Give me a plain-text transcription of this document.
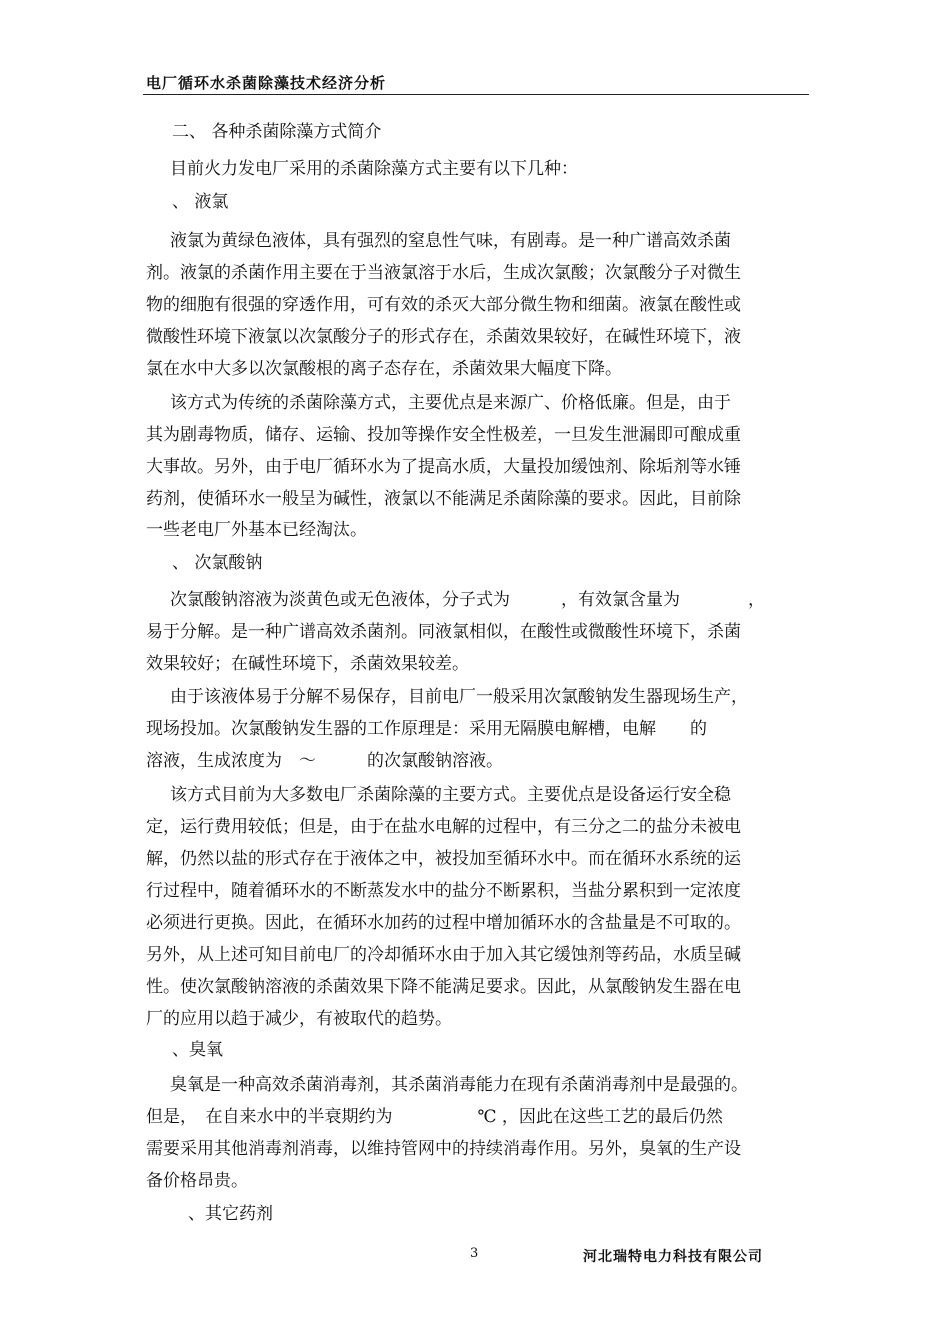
电厂循环水杀菌除藻技术经济分析
二、 各种杀菌除藻方式简介
目前火力发电厂采用的杀菌除藻方式主要有以下几种：
、 液氯
液氯为黄绿色液体，具有强烈的窒息性气味，有剧毒。是一种广谱高效杀菌
剂。液氯的杀菌作用主要在于当液氯溶于水后，生成次氯酸；次氯酸分子对微生
物的细胞有很强的穿透作用，可有效的杀灭大部分微生物和细菌。液氯在酸性或
微酸性环境下液氯以次氯酸分子的形式存在，杀菌效果较好，在碱性环境下，液
氯在水中大多以次氯酸根的离子态存在，杀菌效果大幅度下降。
该方式为传统的杀菌除藻方式，主要优点是来源广、价格低廉。但是，由于
其为剧毒物质，储存、运输、投加等操作安全性极差，一旦发生泄漏即可酿成重
大事故。另外，由于电厂循环水为了提高水质，大量投加缓蚀剂、除垢剂等水锤
药剂，使循环水一般呈为碱性，液氯以不能满足杀菌除藻的要求。因此，目前除
一些老电厂外基本已经淘汰。
、 次氯酸钠
次氯酸钠溶液为淡黄色或无色液体，分子式为　　　，有效氯含量为　　　　，
易于分解。是一种广谱高效杀菌剂。同液氯相似，在酸性或微酸性环境下，杀菌
效果较好；在碱性环境下，杀菌效果较差。
由于该液体易于分解不易保存，目前电厂一般采用次氯酸钠发生器现场生产，
现场投加。次氯酸钠发生器的工作原理是：采用无隔膜电解槽，电解　　的
溶液，生成浓度为　～　　　的次氯酸钠溶液。
该方式目前为大多数电厂杀菌除藻的主要方式。主要优点是设备运行安全稳
定，运行费用较低；但是，由于在盐水电解的过程中，有三分之二的盐分未被电
解，仍然以盐的形式存在于液体之中，被投加至循环水中。而在循环水系统的运
行过程中，随着循环水的不断蒸发水中的盐分不断累积，当盐分累积到一定浓度
必须进行更换。因此，在循环水加药的过程中增加循环水的含盐量是不可取的。
另外，从上述可知目前电厂的冷却循环水由于加入其它缓蚀剂等药品，水质呈碱
性。使次氯酸钠溶液的杀菌效果下降不能满足要求。因此，从氯酸钠发生器在电
厂的应用以趋于减少，有被取代的趋势。
、臭氧
臭氧是一种高效杀菌消毒剂，其杀菌消毒能力在现有杀菌消毒剂中是最强的。
但是，　在自来水中的半衰期约为　　　　　℃ ，因此在这些工艺的最后仍然
需要采用其他消毒剂消毒，以维持管网中的持续消毒作用。另外，臭氧的生产设
备价格昂贵。
、其它药剂
3	河北瑞特电力科技有限公司
